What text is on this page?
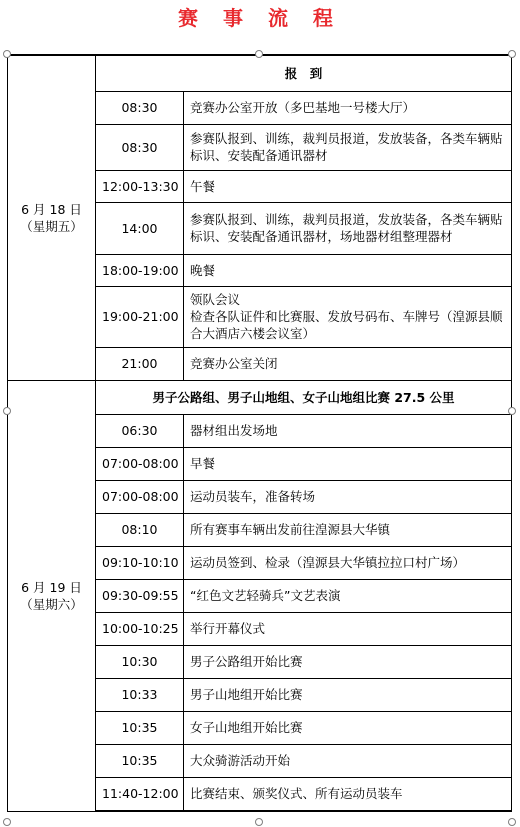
赛 事 流 程
6 月 18 日
（星期五）	报　到	
	08:30	竞赛办公室开放（多巴基地一号楼大厅）
	08:30	参赛队报到、训练，裁判员报道，发放装备，各类车辆贴标识、安装配备通讯器材
	12:00-13:30	午餐
	14:00	参赛队报到、训练，裁判员报道，发放装备，各类车辆贴标识、安装配备通讯器材，场地器材组整理器材
	18:00-19:00	晚餐
	19:00-21:00	领队会议
检查各队证件和比赛服、发放号码布、车牌号（湟源县顺合大酒店六楼会议室）

	21:00	竞赛办公室关闭

6 月 19 日
（星期六）	男子公路组、男子山地组、女子山地组比赛 27.5 公里	
	06:30	器材组出发场地
	07:00-08:00	早餐
	07:00-08:00	运动员装车，准备转场
	08:10	所有赛事车辆出发前往湟源县大华镇
	09:10-10:10	运动员签到、检录（湟源县大华镇拉拉口村广场）
	09:30-09:55	“红色文艺轻骑兵”文艺表演
	10:00-10:25	举行开幕仪式
	10:30	男子公路组开始比赛
	10:33	男子山地组开始比赛
	10:35	女子山地组开始比赛
	10:35	大众骑游活动开始
	11:40-12:00	比赛结束、颁奖仪式、所有运动员装车
